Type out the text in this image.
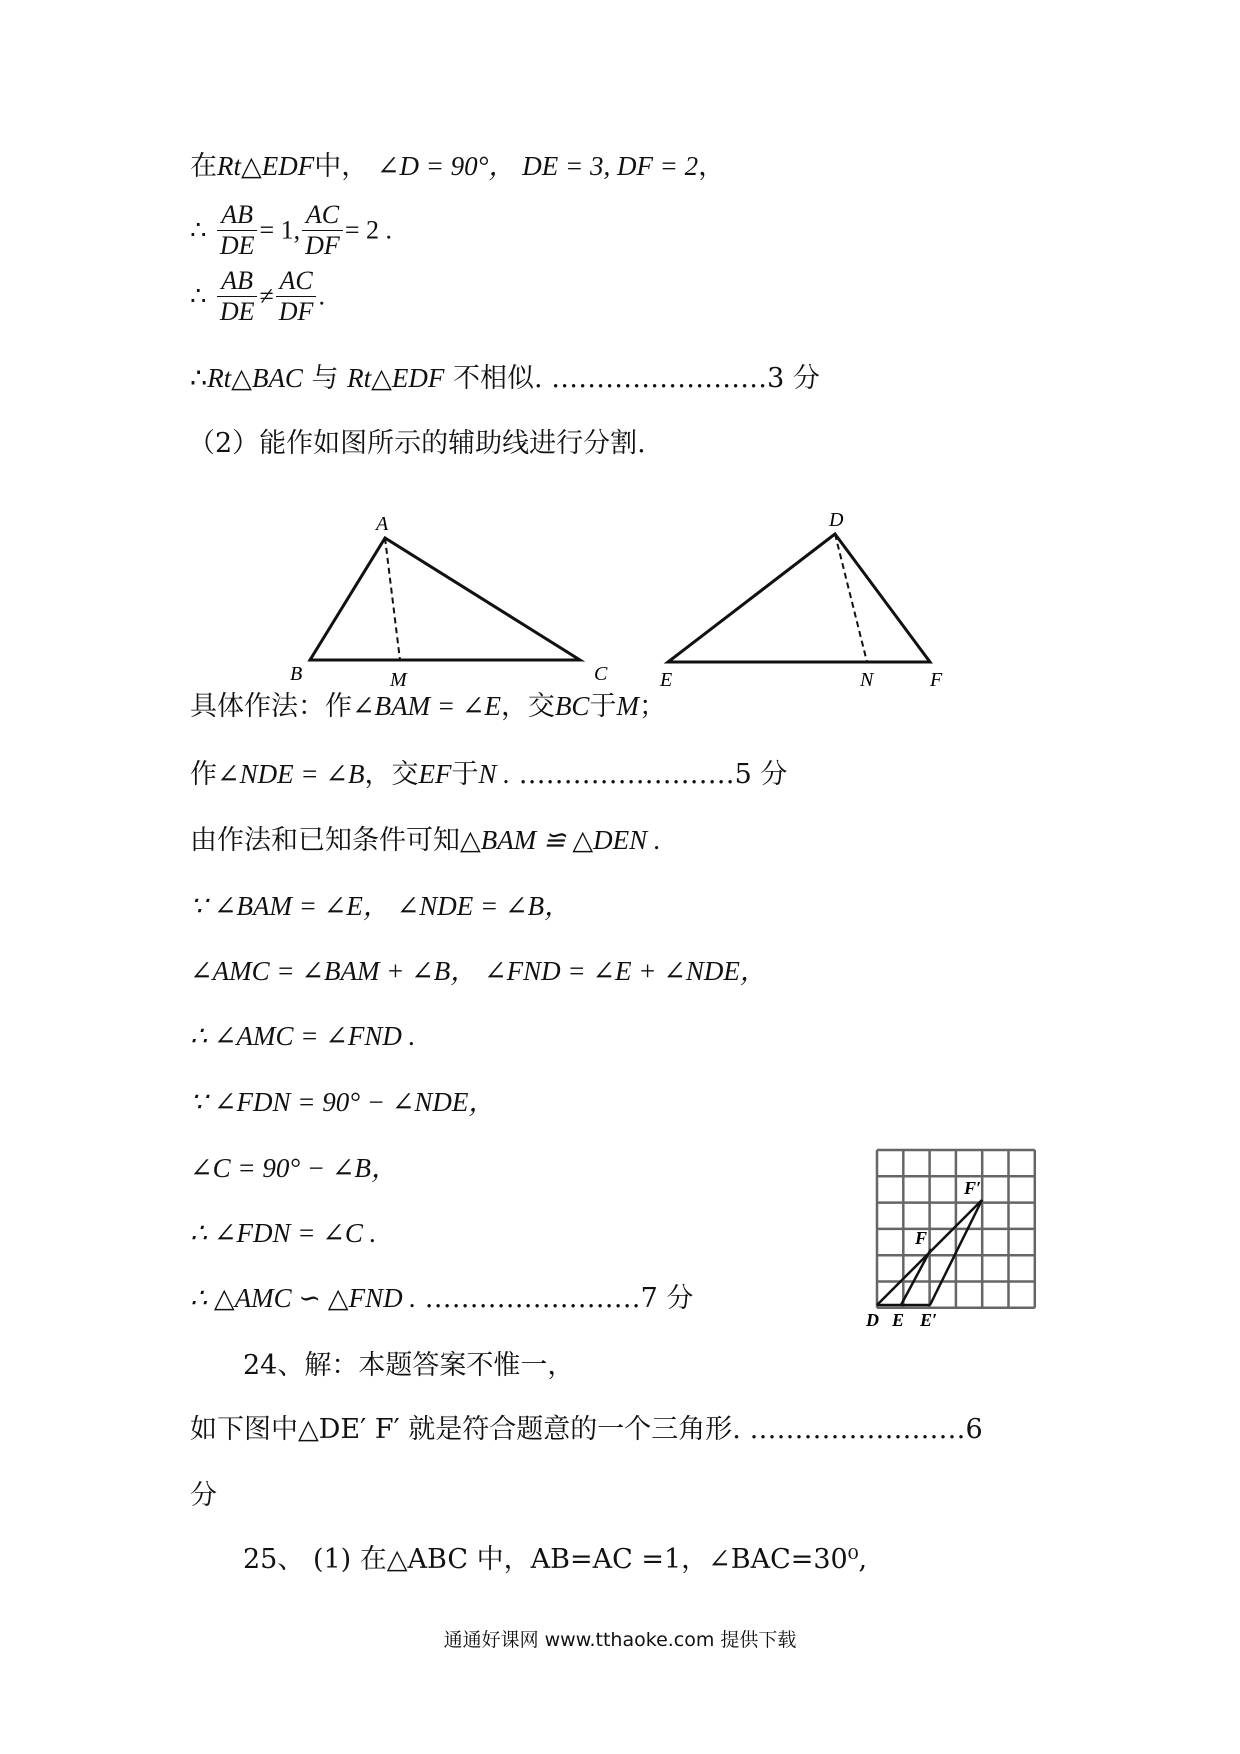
在Rt△EDF中， ∠D = 90°， DE = 3, DF = 2，
∴ $\frac{AB}{DE} = 1$, $\frac{AC}{DF} = 2$ .
∴ $\frac{AB}{DE} \ne \frac{AC}{DF}$ .
∴Rt△BAC 与 Rt△EDF 不相似. ……………………3 分
（2）能作如图所示的辅助线进行分割.
A
B	M	C
D
E	N	F
具体作法：作∠BAM = ∠E，交BC于M；
作∠NDE = ∠B，交EF于N . ……………………5 分
由作法和已知条件可知△BAM ≌ △DEN .
∵ ∠BAM = ∠E， ∠NDE = ∠B，
∠AMC = ∠BAM + ∠B， ∠FND = ∠E + ∠NDE，
∴ ∠AMC = ∠FND .
∵ ∠FDN = 90° − ∠NDE，
∠C = 90° − ∠B，
∴ ∠FDN = ∠C .
∴ △AMC ∽ △FND . ……………………7 分
F′
F
D E E′
24、解：本题答案不惟一，
如下图中△DE′ F′ 就是符合题意的一个三角形. ……………………6
分
25、 (1) 在△ABC 中，AB=AC =1，∠BAC=30⁰,
通通好课网 www.tthaoke.com 提供下载
